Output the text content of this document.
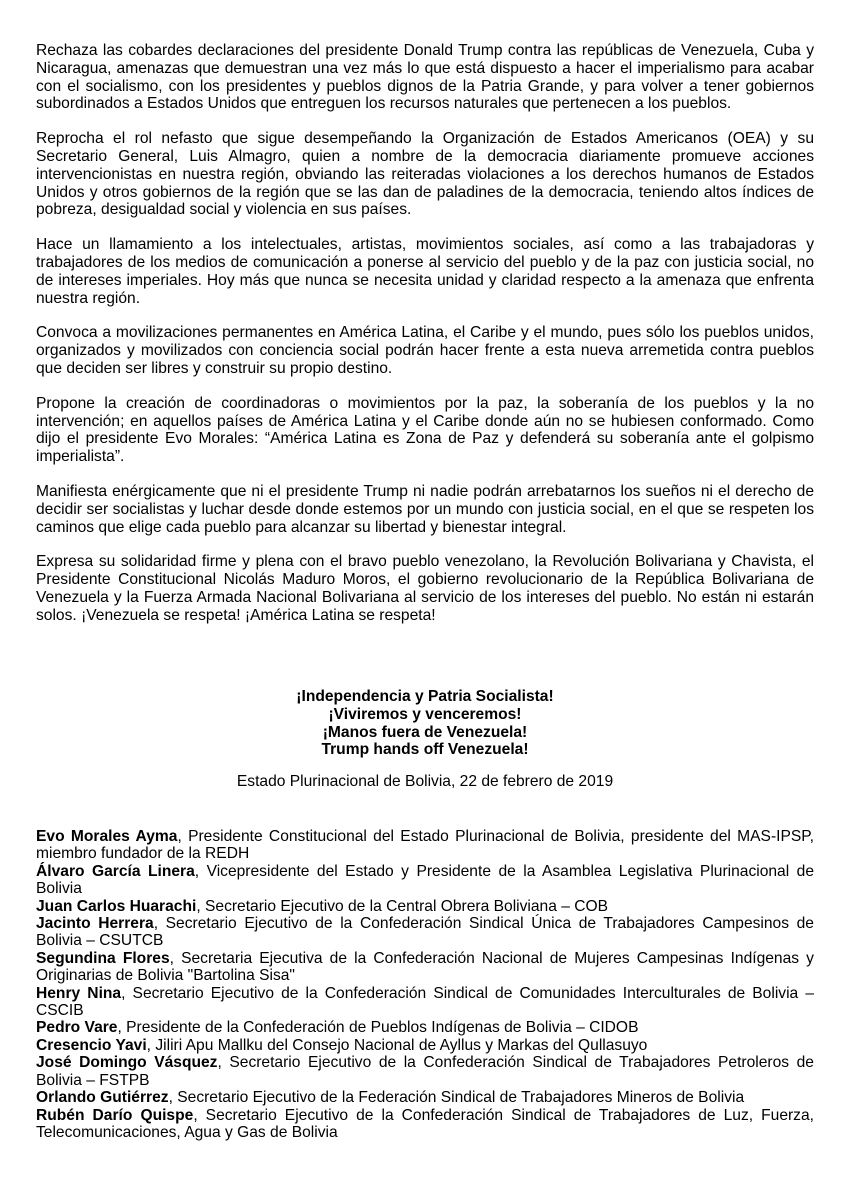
Rechaza las cobardes declaraciones del presidente Donald Trump contra las repúblicas de Venezuela, Cuba y Nicaragua, amenazas que demuestran una vez más lo que está dispuesto a hacer el imperialismo para acabar con el socialismo, con los presidentes y pueblos dignos de la Patria Grande, y para volver a tener gobiernos subordinados a Estados Unidos que entreguen los recursos naturales que pertenecen a los pueblos.

Reprocha el rol nefasto que sigue desempeñando la Organización de Estados Americanos (OEA) y su Secretario General, Luis Almagro, quien a nombre de la democracia diariamente promueve acciones intervencionistas en nuestra región, obviando las reiteradas violaciones a los derechos humanos de Estados Unidos y otros gobiernos de la región que se las dan de paladines de la democracia, teniendo altos índices de pobreza, desigualdad social y violencia en sus países.

Hace un llamamiento a los intelectuales, artistas, movimientos sociales, así como a las trabajadoras y trabajadores de los medios de comunicación a ponerse al servicio del pueblo y de la paz con justicia social, no de intereses imperiales. Hoy más que nunca se necesita unidad y claridad respecto a la amenaza que enfrenta nuestra región.

Convoca a movilizaciones permanentes en América Latina, el Caribe y el mundo, pues sólo los pueblos unidos, organizados y movilizados con conciencia social podrán hacer frente a esta nueva arremetida contra pueblos que deciden ser libres y construir su propio destino.

Propone la creación de coordinadoras o movimientos por la paz, la soberanía de los pueblos y la no intervención; en aquellos países de América Latina y el Caribe donde aún no se hubiesen conformado. Como dijo el presidente Evo Morales: “América Latina es Zona de Paz y defenderá su soberanía ante el golpismo imperialista”.

Manifiesta enérgicamente que ni el presidente Trump ni nadie podrán arrebatarnos los sueños ni el derecho de decidir ser socialistas y luchar desde donde estemos por un mundo con justicia social, en el que se respeten los caminos que elige cada pueblo para alcanzar su libertad y bienestar integral.

Expresa su solidaridad firme y plena con el bravo pueblo venezolano, la Revolución Bolivariana y Chavista, el Presidente Constitucional Nicolás Maduro Moros, el gobierno revolucionario de la República Bolivariana de Venezuela y la Fuerza Armada Nacional Bolivariana al servicio de los intereses del pueblo. No están ni estarán solos. ¡Venezuela se respeta! ¡América Latina se respeta!

¡Independencia y Patria Socialista!
¡Viviremos y venceremos!
¡Manos fuera de Venezuela!
Trump hands off Venezuela!
Estado Plurinacional de Bolivia, 22 de febrero de 2019

Evo Morales Ayma, Presidente Constitucional del Estado Plurinacional de Bolivia, presidente del MAS-IPSP, miembro fundador de la REDH

Álvaro García Linera, Vicepresidente del Estado y Presidente de la Asamblea Legislativa Plurinacional de Bolivia

Juan Carlos Huarachi, Secretario Ejecutivo de la Central Obrera Boliviana – COB

Jacinto Herrera, Secretario Ejecutivo de la Confederación Sindical Única de Trabajadores Campesinos de Bolivia – CSUTCB

Segundina Flores, Secretaria Ejecutiva de la Confederación Nacional de Mujeres Campesinas Indígenas y Originarias de Bolivia "Bartolina Sisa"

Henry Nina, Secretario Ejecutivo de la Confederación Sindical de Comunidades Interculturales de Bolivia – CSCIB

Pedro Vare, Presidente de la Confederación de Pueblos Indígenas de Bolivia – CIDOB

Cresencio Yavi, Jiliri Apu Mallku del Consejo Nacional de Ayllus y Markas del Qullasuyo

José Domingo Vásquez, Secretario Ejecutivo de la Confederación Sindical de Trabajadores Petroleros de Bolivia – FSTPB

Orlando Gutiérrez, Secretario Ejecutivo de la Federación Sindical de Trabajadores Mineros de Bolivia

Rubén Darío Quispe, Secretario Ejecutivo de la Confederación Sindical de Trabajadores de Luz, Fuerza, Telecomunicaciones, Agua y Gas de Bolivia
